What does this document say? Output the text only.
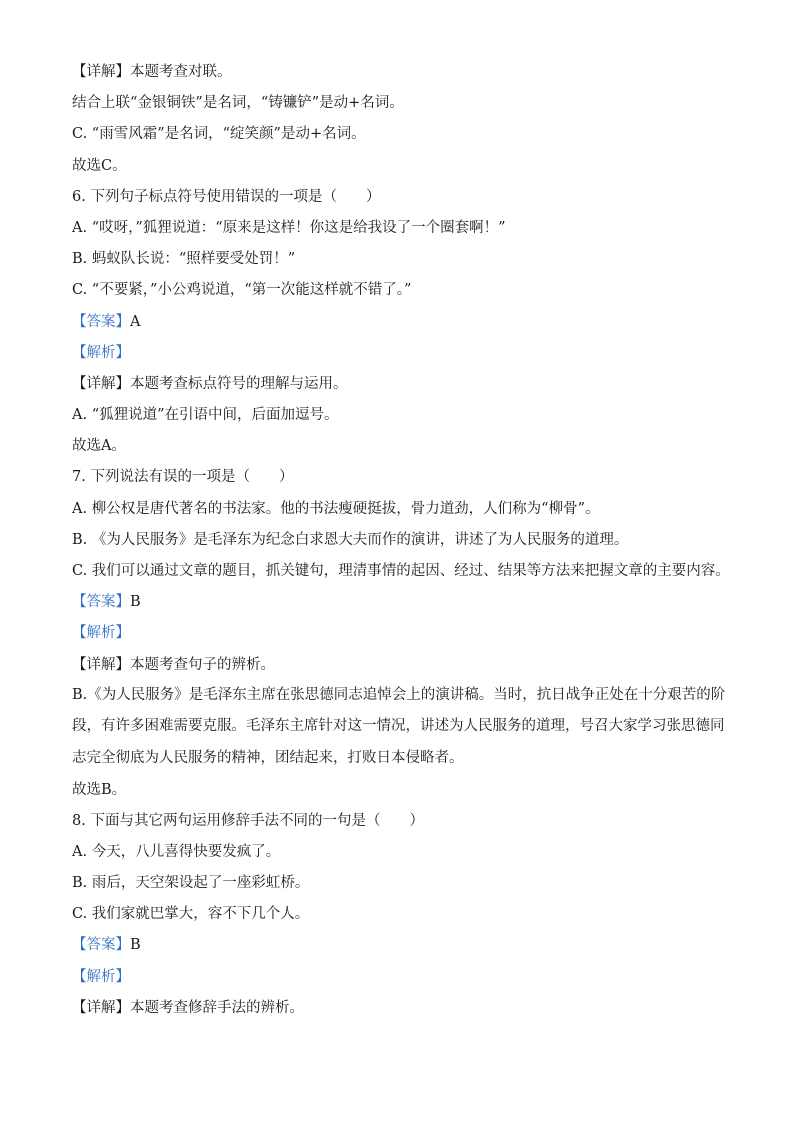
【详解】本题考查对联。
结合上联“金银铜铁”是名词，“铸镰铲”是动+名词。
C. “雨雪风霜”是名词，“绽笑颜”是动+名词。
故选C。
6. 下列句子标点符号使用错误的一项是（　　）
A. “哎呀，”狐狸说道：“原来是这样！你这是给我设了一个圈套啊！”
B. 蚂蚁队长说：“照样要受处罚！”
C. “不要紧，”小公鸡说道，“第一次能这样就不错了。”
【答案】A
【解析】
【详解】本题考查标点符号的理解与运用。
A. “狐狸说道”在引语中间，后面加逗号。
故选A。
7. 下列说法有误的一项是（　　）
A. 柳公权是唐代著名的书法家。他的书法瘦硬挺拔，骨力道劲，人们称为“柳骨”。
B. 《为人民服务》是毛泽东为纪念白求恩大夫而作的演讲，讲述了为人民服务的道理。
C. 我们可以通过文章的题目，抓关键句，理清事情的起因、经过、结果等方法来把握文章的主要内容。
【答案】B
【解析】
【详解】本题考查句子的辨析。
B.《为人民服务》是毛泽东主席在张思德同志追悼会上的演讲稿。当时，抗日战争正处在十分艰苦的阶段，有许多困难需要克服。毛泽东主席针对这一情况，讲述为人民服务的道理，号召大家学习张思德同志完全彻底为人民服务的精神，团结起来，打败日本侵略者。
故选B。
8. 下面与其它两句运用修辞手法不同的一句是（　　）
A. 今天，八儿喜得快要发疯了。
B. 雨后，天空架设起了一座彩虹桥。
C. 我们家就巴掌大，容不下几个人。
【答案】B
【解析】
【详解】本题考查修辞手法的辨析。
